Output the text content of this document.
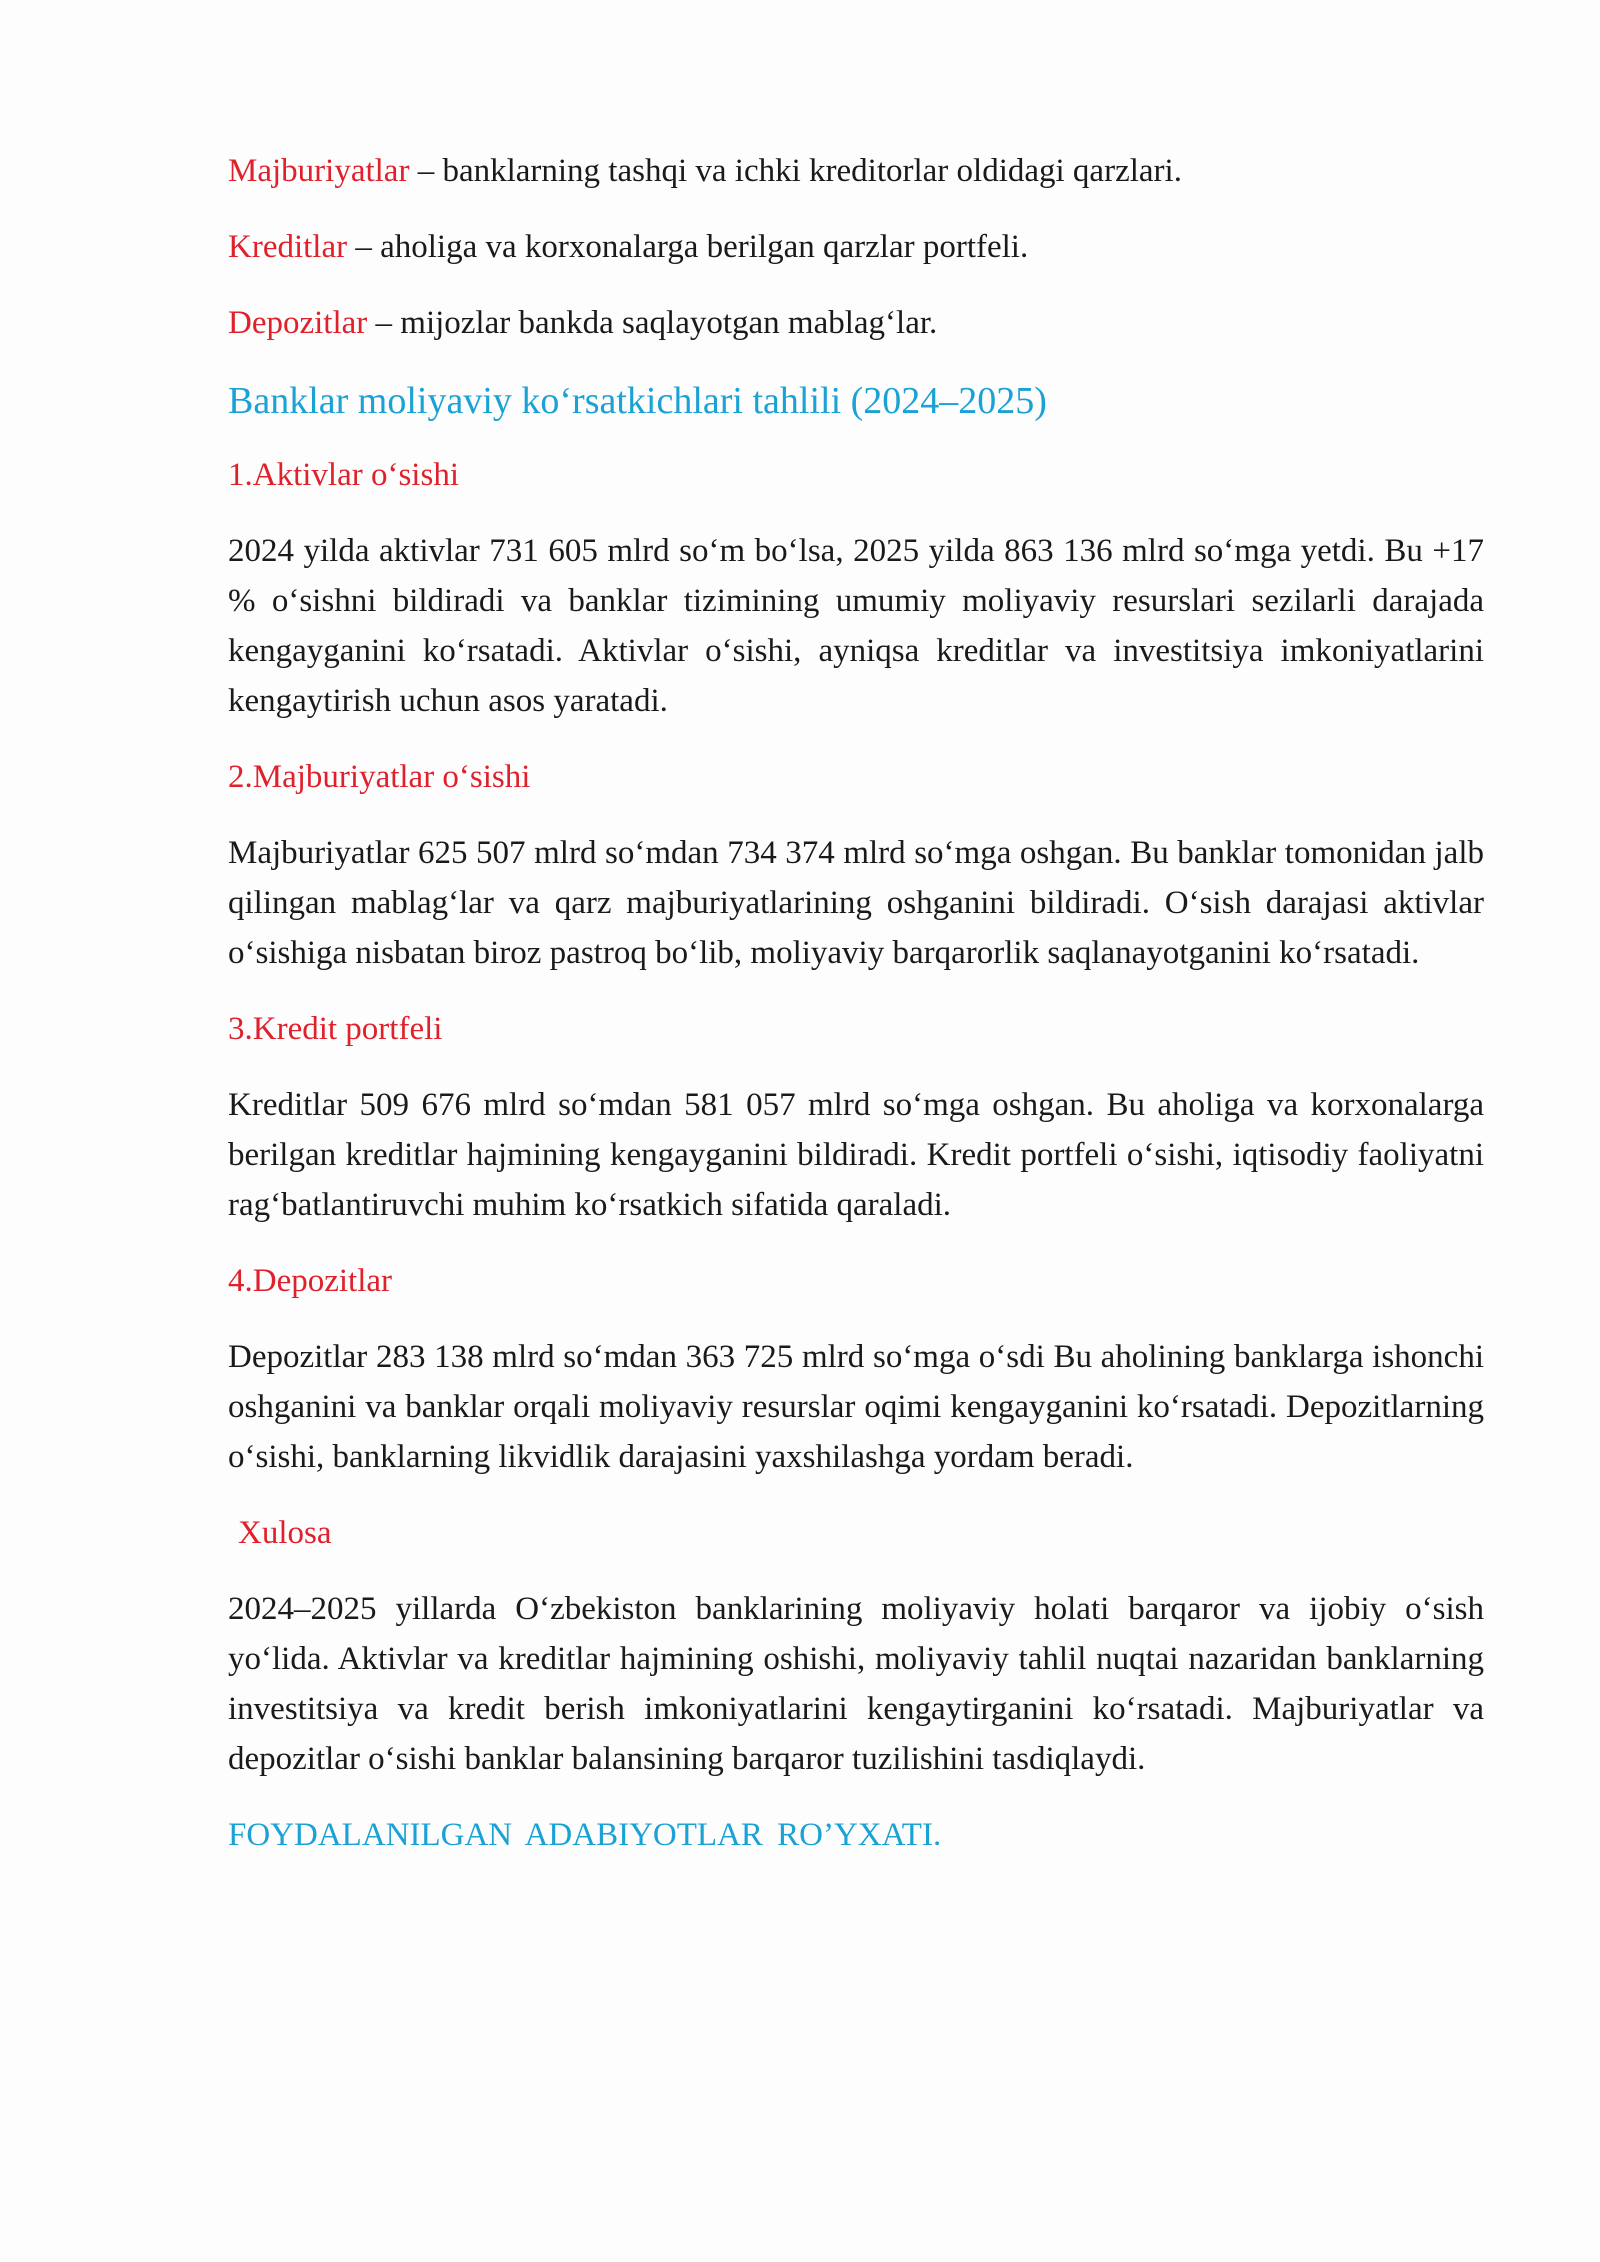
Majburiyatlar – banklarning tashqi va ichki kreditorlar oldidagi qarzlari.

Kreditlar – aholiga va korxonalarga berilgan qarzlar portfeli.

Depozitlar – mijozlar bankda saqlayotgan mablag‘lar.

Banklar moliyaviy ko‘rsatkichlari tahlili (2024–2025)

1.Aktivlar o‘sishi

2024 yilda aktivlar 731 605 mlrd so‘m bo‘lsa, 2025 yilda 863 136 mlrd so‘mga yetdi. Bu +17 % o‘sishni bildiradi va banklar tizimining umumiy moliyaviy resurslari sezilarli darajada kengayganini ko‘rsatadi. Aktivlar o‘sishi, ayniqsa kreditlar va investitsiya imkoniyatlarini kengaytirish uchun asos yaratadi.

2.Majburiyatlar o‘sishi

Majburiyatlar 625 507 mlrd so‘mdan 734 374 mlrd so‘mga oshgan. Bu banklar tomonidan jalb qilingan mablag‘lar va qarz majburiyatlarining oshganini bildiradi. O‘sish darajasi aktivlar o‘sishiga nisbatan biroz pastroq bo‘lib, moliyaviy barqarorlik saqlanayotganini ko‘rsatadi.

3.Kredit portfeli

Kreditlar 509 676 mlrd so‘mdan 581 057 mlrd so‘mga oshgan. Bu aholiga va korxonalarga berilgan kreditlar hajmining kengayganini bildiradi. Kredit portfeli o‘sishi, iqtisodiy faoliyatni rag‘batlantiruvchi muhim ko‘rsatkich sifatida qaraladi.

4.Depozitlar

Depozitlar 283 138 mlrd so‘mdan 363 725 mlrd so‘mga o‘sdi Bu aholining banklarga ishonchi oshganini va banklar orqali moliyaviy resurslar oqimi kengayganini ko‘rsatadi. Depozitlarning o‘sishi, banklarning likvidlik darajasini yaxshilashga yordam beradi.

Xulosa

2024–2025 yillarda O‘zbekiston banklarining moliyaviy holati barqaror va ijobiy o‘sish yo‘lida. Aktivlar va kreditlar hajmining oshishi, moliyaviy tahlil nuqtai nazaridan banklarning investitsiya va kredit berish imkoniyatlarini kengaytirganini ko‘rsatadi. Majburiyatlar va depozitlar o‘sishi banklar balansining barqaror tuzilishini tasdiqlaydi.

FOYDALANILGAN ADABIYOTLAR RO’YXATI.
